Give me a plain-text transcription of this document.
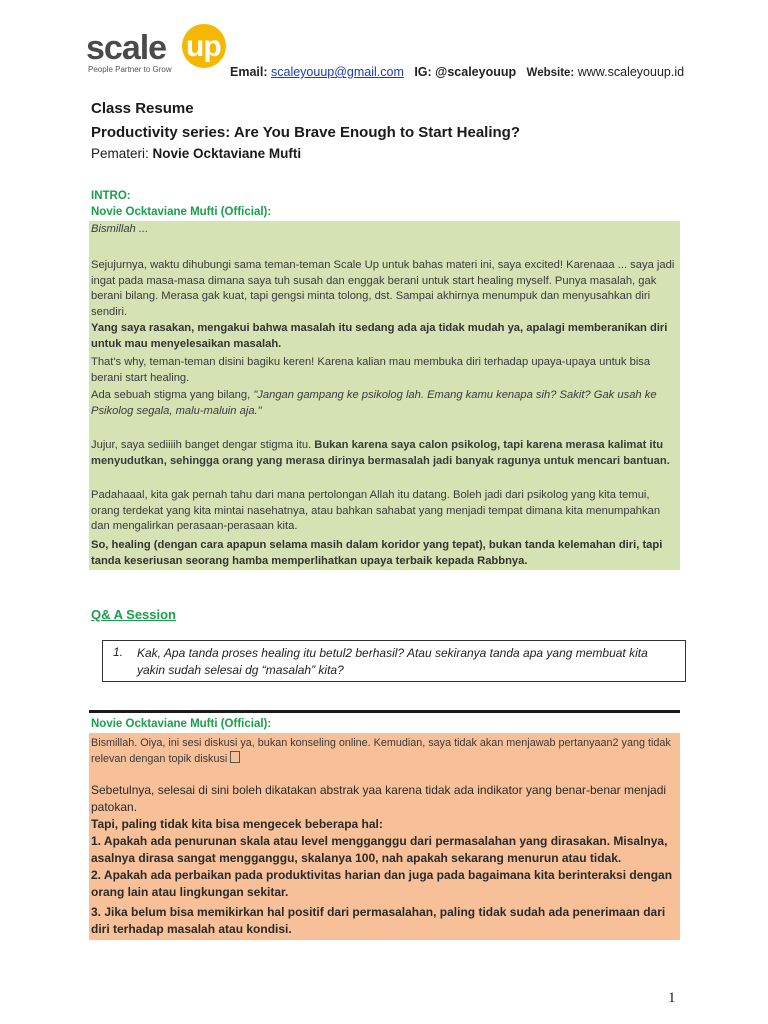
scale up
People Partner to Grow	Email: scaleyouup@gmail.com IG: @scaleyouup Website: www.scaleyouup.id
Class Resume
Productivity series: Are You Brave Enough to Start Healing?
Pemateri: Novie Ocktaviane Mufti
INTRO:
Novie Ocktaviane Mufti (Official):
Bismillah ...
Sejujurnya, waktu dihubungi sama teman-teman Scale Up untuk bahas materi ini, saya excited! Karenaaa ... saya jadi ingat pada masa-masa dimana saya tuh susah dan enggak berani untuk start healing myself. Punya masalah, gak berani bilang. Merasa gak kuat, tapi gengsi minta tolong, dst. Sampai akhirnya menumpuk dan menyusahkan diri sendiri.
Yang saya rasakan, mengakui bahwa masalah itu sedang ada aja tidak mudah ya, apalagi memberanikan diri untuk mau menyelesaikan masalah.
That's why, teman-teman disini bagiku keren! Karena kalian mau membuka diri terhadap upaya-upaya untuk bisa berani start healing.
Ada sebuah stigma yang bilang, "Jangan gampang ke psikolog lah. Emang kamu kenapa sih? Sakit? Gak usah ke Psikolog segala, malu-maluin aja."
Jujur, saya sediiiih banget dengar stigma itu. Bukan karena saya calon psikolog, tapi karena merasa kalimat itu menyudutkan, sehingga orang yang merasa dirinya bermasalah jadi banyak ragunya untuk mencari bantuan.
Padahaaal, kita gak pernah tahu dari mana pertolongan Allah itu datang. Boleh jadi dari psikolog yang kita temui, orang terdekat yang kita mintai nasehatnya, atau bahkan sahabat yang menjadi tempat dimana kita menumpahkan dan mengalirkan perasaan-perasaan kita.
So, healing (dengan cara apapun selama masih dalam koridor yang tepat), bukan tanda kelemahan diri, tapi tanda keseriusan seorang hamba memperlihatkan upaya terbaik kepada Rabbnya.
Q& A Session
1. Kak, Apa tanda proses healing itu betul2 berhasil? Atau sekiranya tanda apa yang membuat kita yakin sudah selesai dg “masalah” kita?
Novie Ocktaviane Mufti (Official):
Bismillah. Oiya, ini sesi diskusi ya, bukan konseling online. Kemudian, saya tidak akan menjawab pertanyaan2 yang tidak relevan dengan topik diskusi
Sebetulnya, selesai di sini boleh dikatakan abstrak yaa karena tidak ada indikator yang benar-benar menjadi patokan.
Tapi, paling tidak kita bisa mengecek beberapa hal:
1. Apakah ada penurunan skala atau level mengganggu dari permasalahan yang dirasakan. Misalnya, asalnya dirasa sangat mengganggu, skalanya 100, nah apakah sekarang menurun atau tidak.
2. Apakah ada perbaikan pada produktivitas harian dan juga pada bagaimana kita berinteraksi dengan orang lain atau lingkungan sekitar.
3. Jika belum bisa memikirkan hal positif dari permasalahan, paling tidak sudah ada penerimaan dari diri terhadap masalah atau kondisi.
1
